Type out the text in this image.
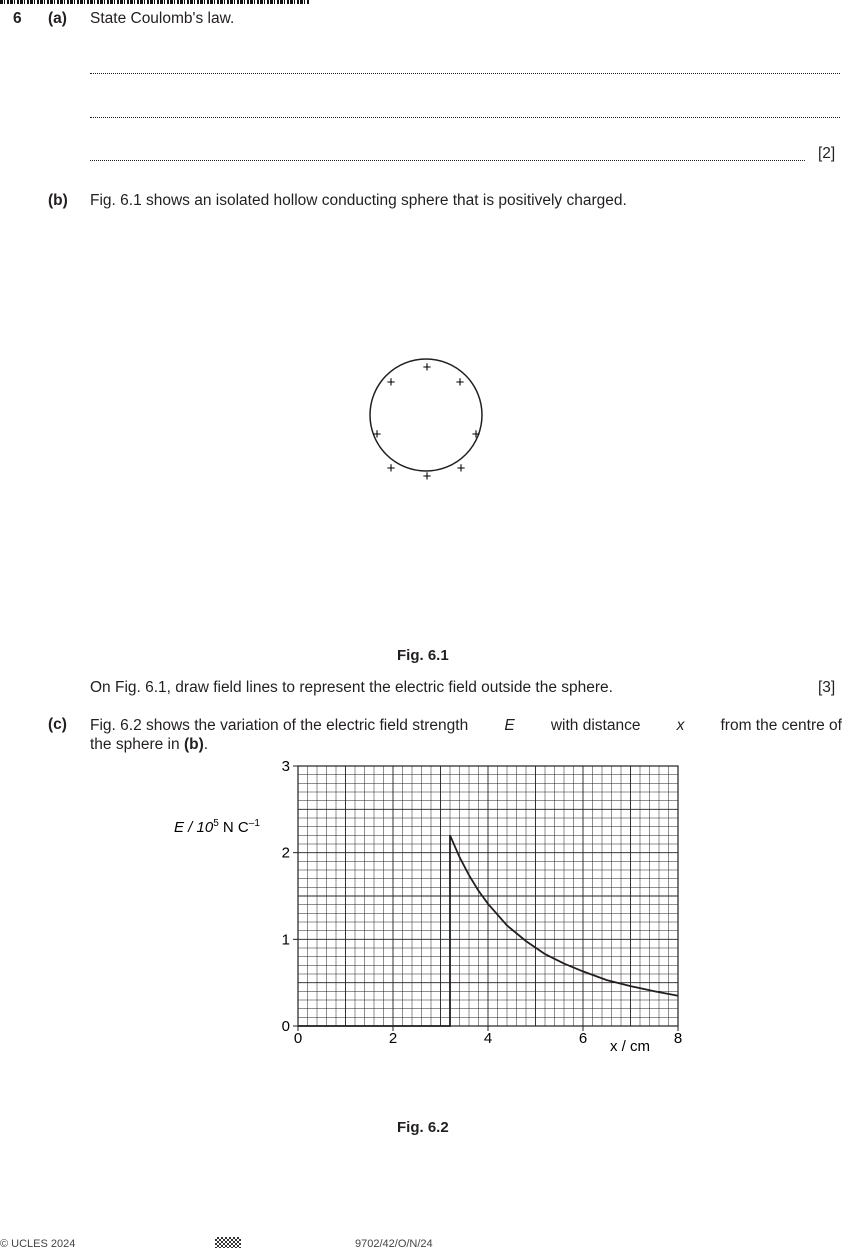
6 (a) State Coulomb's law.
[2]
(b) Fig. 6.1 shows an isolated hollow conducting sphere that is positively charged.
+
+	+
+	+
+	+
+
Fig. 6.1
On Fig. 6.1, draw field lines to represent the electric field outside the sphere.	[3]
(c) Fig. 6.2 shows the variation of the electric field strength E with distance x from the centre of
the sphere in (b).
0	2	4	6	8
0
1
2
3
E / $10^5$ N $C^{-1}$
x / cm
Fig. 6.2
© UCLES 2024	9702/42/O/N/24
